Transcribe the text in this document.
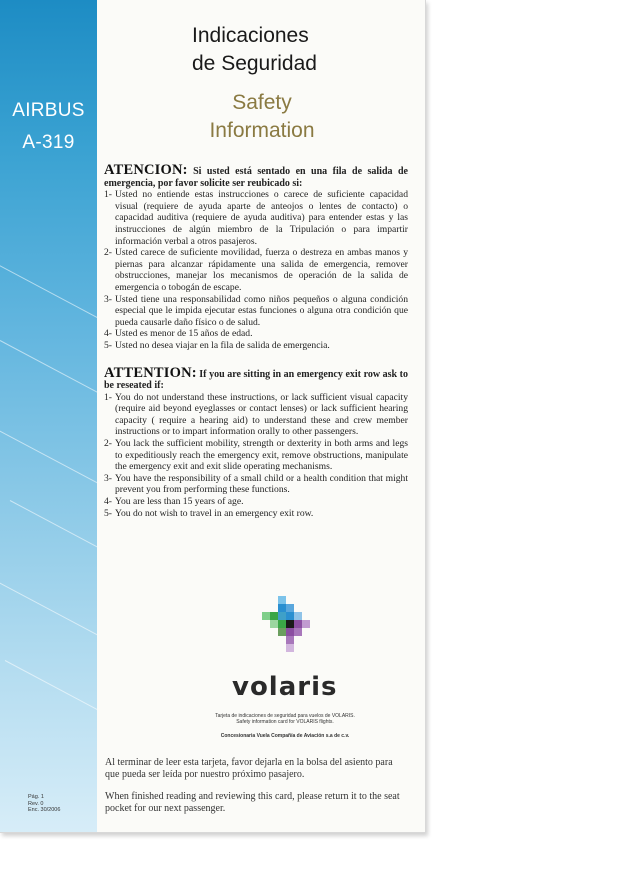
AIRBUS
A-319
Pág. 1
Rev. 0
Enc. 30/2006
Indicaciones
de Seguridad
Safety
Information

ATENCION: Si usted está sentado en una fila de salida de emergencia, por favor solicite ser reubicado si:

1- Usted no entiende estas instrucciones o carece de suficiente capacidad visual (requiere de ayuda aparte de anteojos o lentes de contacto) o capacidad auditiva (requiere de ayuda auditiva) para entender estas y las instrucciones de algún miembro de la Tripulación o para impartir información verbal a otros pasajeros.
2- Usted carece de suficiente movilidad, fuerza o destreza en ambas manos y piernas para alcanzar rápidamente una salida de emergencia, remover obstrucciones, manejar los mecanismos de operación de la salida de emergencia o tobogán de escape.
3- Usted tiene una responsabilidad como niños pequeños o alguna condición especial que le impida ejecutar estas funciones o alguna otra condición que pueda causarle daño físico o de salud.
4- Usted es menor de 15 años de edad.
5- Usted no desea viajar en la fila de salida de emergencia.

ATTENTION: If you are sitting in an emergency exit row ask to be reseated if:

1- You do not understand these instructions, or lack sufficient visual capacity (require aid beyond eyeglasses or contact lenses) or lack sufficient hearing capacity ( require a hearing aid) to understand these and crew member instructions or to impart information orally to other passengers.
2- You lack the sufficient mobility, strength or dexterity in both arms and legs to expeditiously reach the emergency exit, remove obstructions, manipulate the emergency exit and exit slide operating mechanisms.
3- You have the responsibility of a small child or a health condition that might prevent you from performing these functions.
4- You are less than 15 years of age.
5- You do not wish to travel in an emergency exit row.
volaris
Tarjeta de indicaciones de seguridad para vuelos de VOLARIS.
Safety information card for VOLARIS flights.
Concesionaria Vuela Compañía de Aviación s.a de c.v.
Al terminar de leer esta tarjeta, favor dejarla en la bolsa del asiento para que pueda ser leída por nuestro próximo pasajero.
When finished reading and reviewing this card, please return it to the seat pocket for our next passenger.
